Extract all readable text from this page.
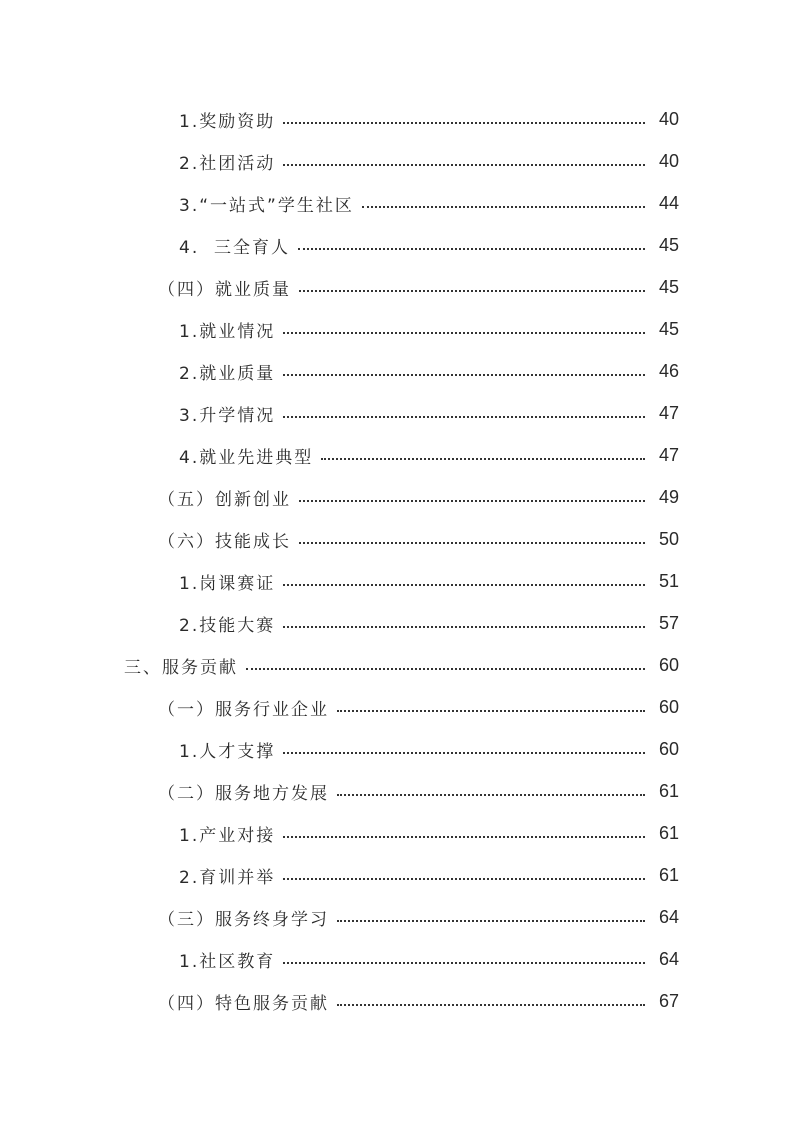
1.奖励资助	40
2.社团活动	40
3.“一站式”学生社区	44
4.  三全育人	45
（四）就业质量	45
1.就业情况	45
2.就业质量	46
3.升学情况	47
4.就业先进典型	47
（五）创新创业	49
（六）技能成长	50
1.岗课赛证	51
2.技能大赛	57
三、服务贡献	60
（一）服务行业企业	60
1.人才支撑	60
（二）服务地方发展	61
1.产业对接	61
2.育训并举	61
（三）服务终身学习	64
1.社区教育	64
（四）特色服务贡献	67
